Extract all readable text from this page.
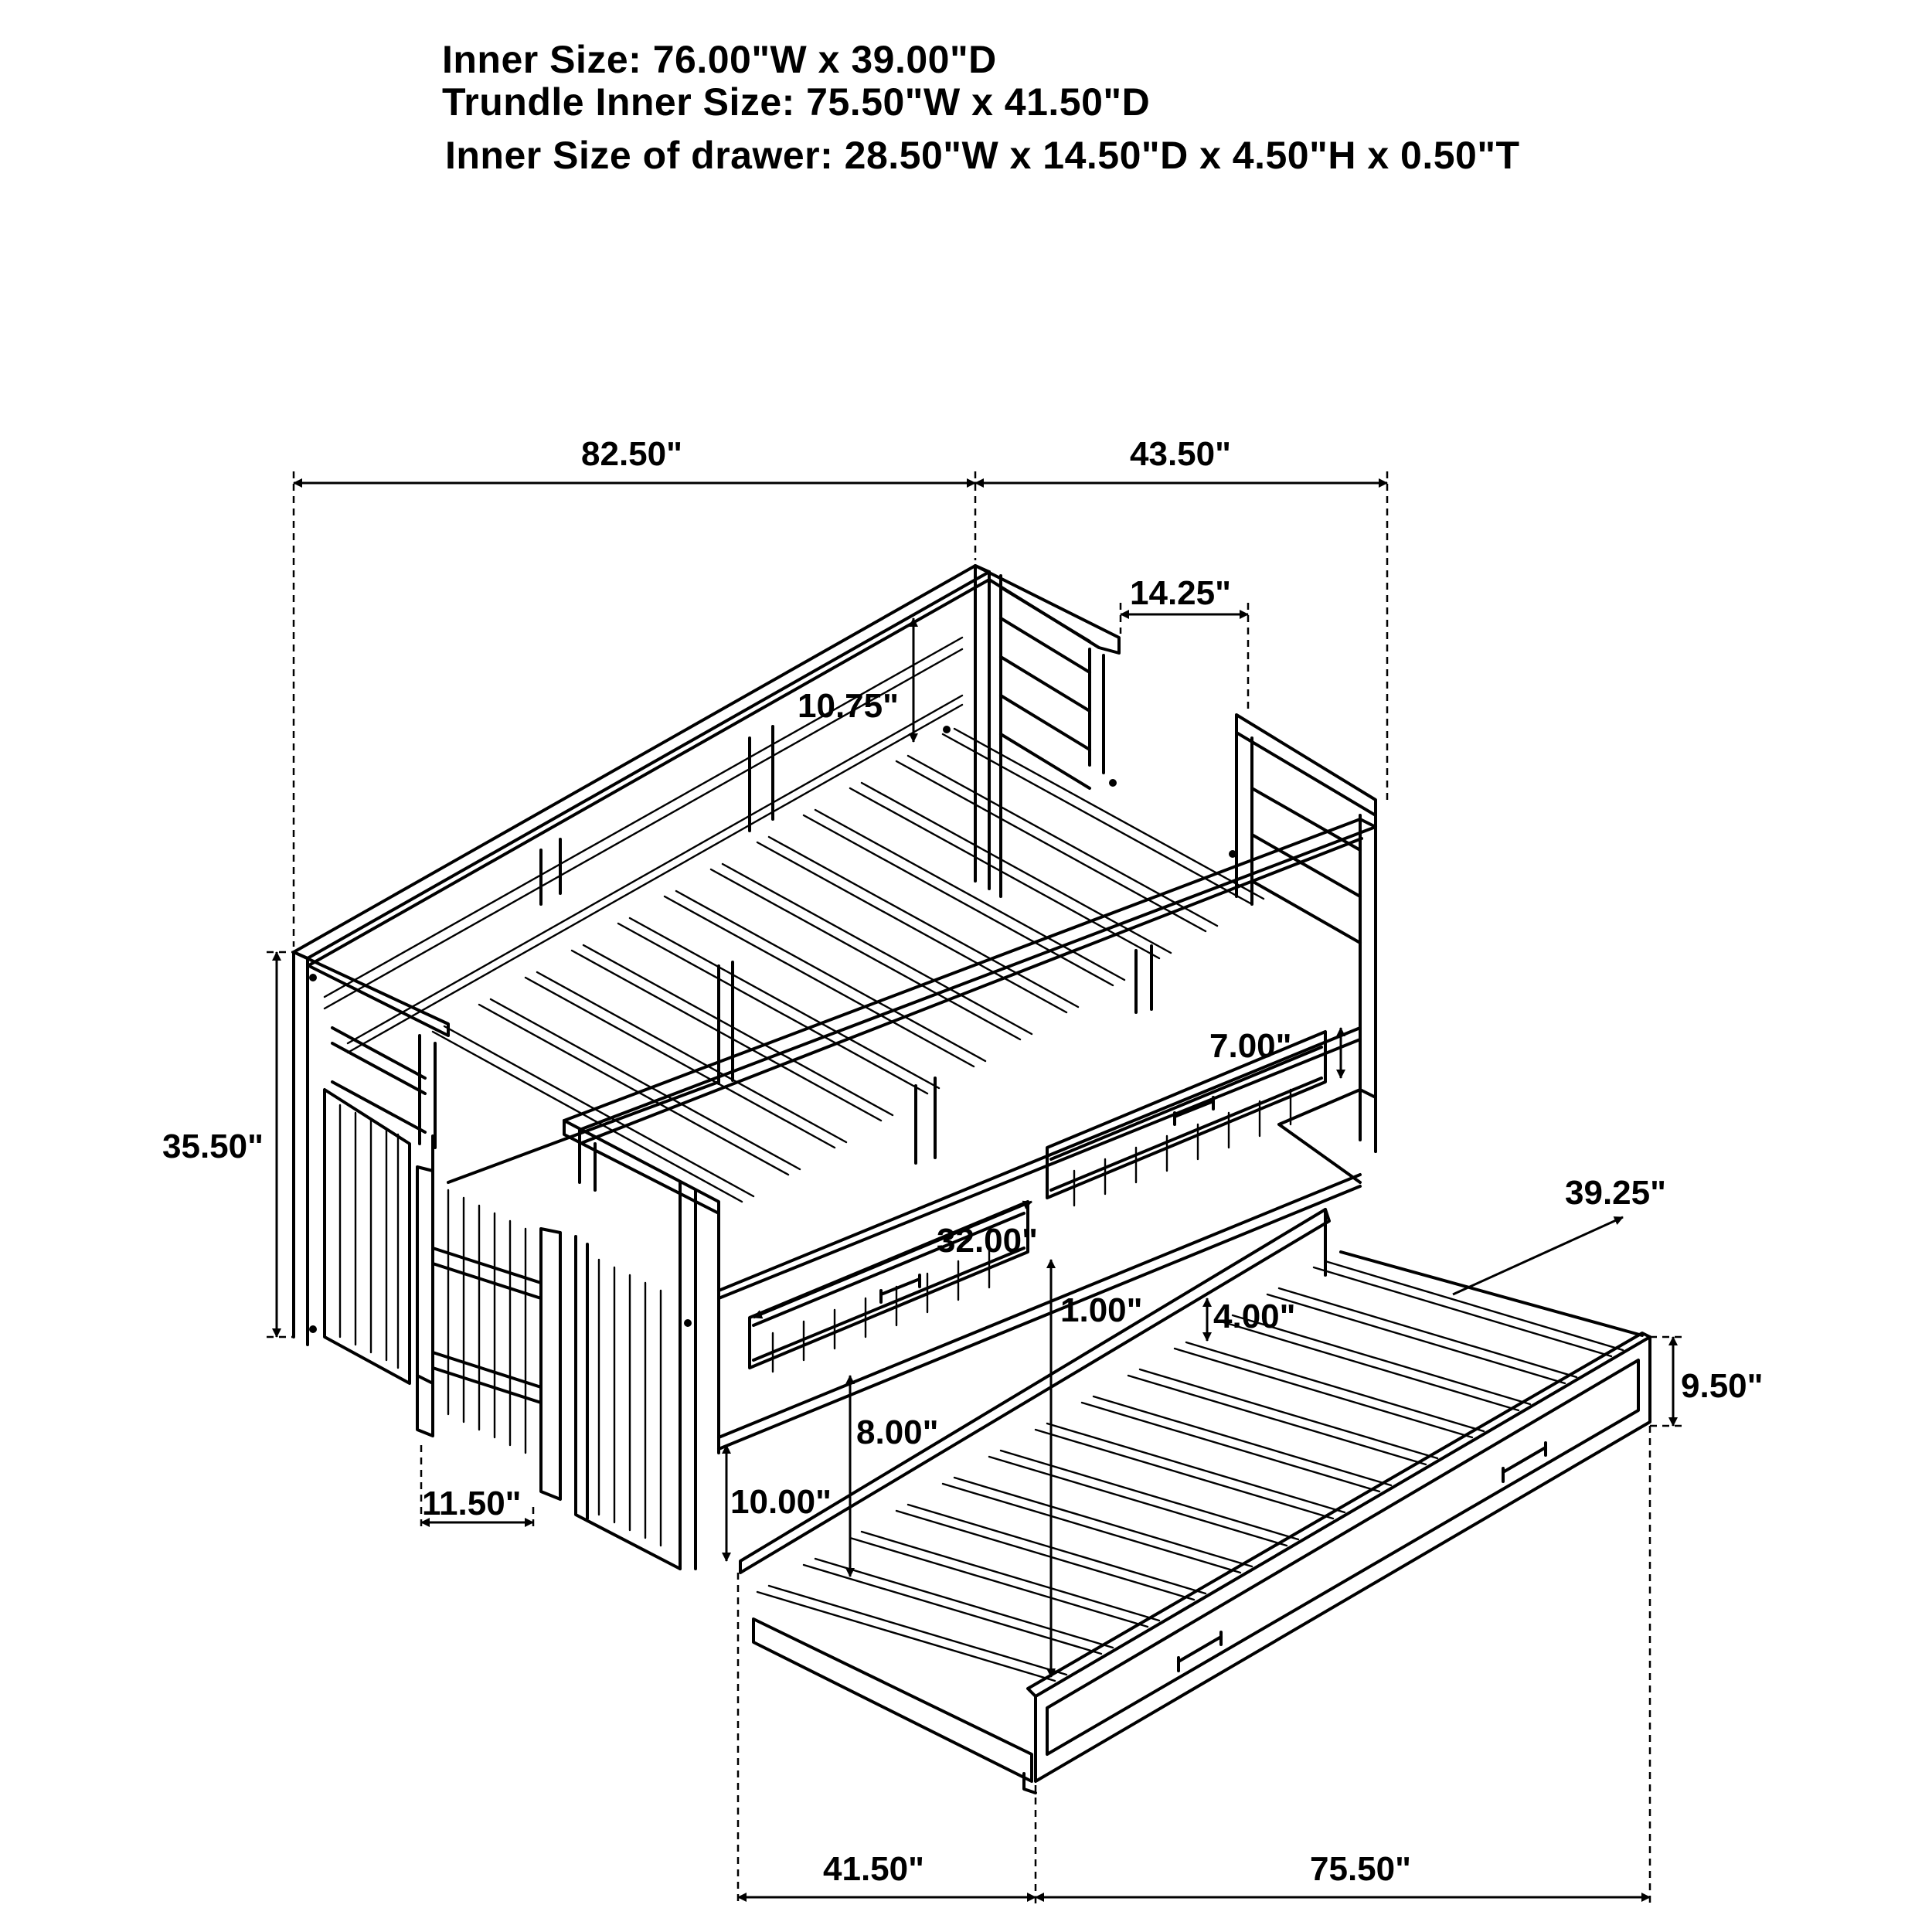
Inner Size: 76.00"W x 39.00"D
Trundle Inner Size: 75.50"W x 41.50"D
Inner Size of drawer: 28.50"W x 14.50"D x 4.50"H x 0.50"T
82.50"	43.50"
14.25"
10.75"
35.50"
7.00"
32.00"
1.00" 4.00"
39.25"
9.50"
8.00"
10.00"
11.50"
41.50"	75.50"
